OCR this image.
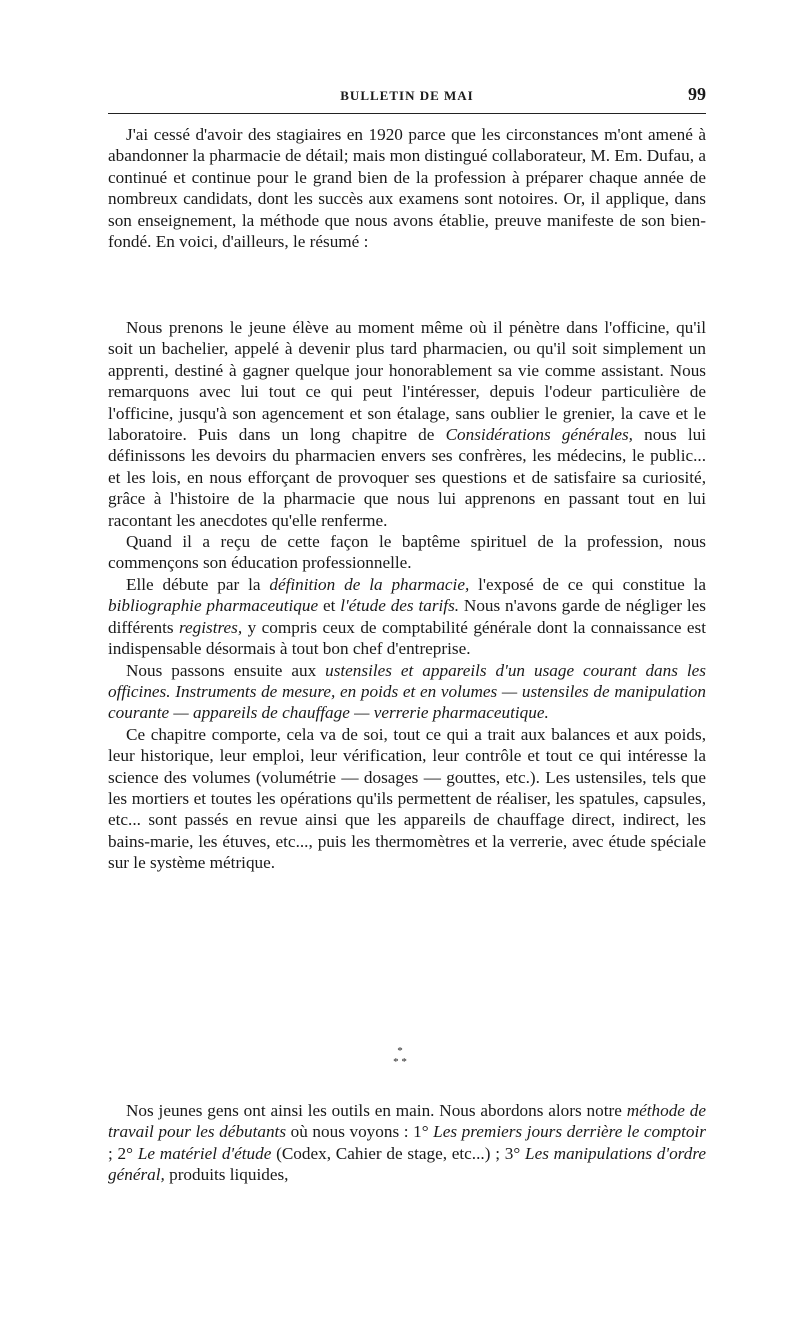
BULLETIN DE MAI	99

J'ai cessé d'avoir des stagiaires en 1920 parce que les circonstances m'ont amené à abandonner la pharmacie de détail; mais mon distingué collaborateur, M. Em. Dufau, a continué et continue pour le grand bien de la profession à préparer chaque année de nombreux candidats, dont les succès aux examens sont notoires. Or, il applique, dans son enseignement, la méthode que nous avons établie, preuve manifeste de son bien-fondé. En voici, d'ailleurs, le résumé :

Nous prenons le jeune élève au moment même où il pénètre dans l'officine, qu'il soit un bachelier, appelé à devenir plus tard pharmacien, ou qu'il soit simplement un apprenti, destiné à gagner quelque jour honorablement sa vie comme assistant. Nous remarquons avec lui tout ce qui peut l'intéresser, depuis l'odeur particulière de l'officine, jusqu'à son agencement et son étalage, sans oublier le grenier, la cave et le laboratoire. Puis dans un long chapitre de Considérations générales, nous lui définissons les devoirs du pharmacien envers ses confrères, les médecins, le public... et les lois, en nous efforçant de provoquer ses questions et de satisfaire sa curiosité, grâce à l'histoire de la pharmacie que nous lui apprenons en passant tout en lui racontant les anecdotes qu'elle renferme.

Quand il a reçu de cette façon le baptême spirituel de la profession, nous commençons son éducation professionnelle.

Elle débute par la définition de la pharmacie, l'exposé de ce qui constitue la bibliographie pharmaceutique et l'étude des tarifs. Nous n'avons garde de négliger les différents registres, y compris ceux de comptabilité générale dont la connaissance est indispensable désormais à tout bon chef d'entreprise.

Nous passons ensuite aux ustensiles et appareils d'un usage courant dans les officines. Instruments de mesure, en poids et en volumes — ustensiles de manipulation courante — appareils de chauffage — verrerie pharmaceutique.

Ce chapitre comporte, cela va de soi, tout ce qui a trait aux balances et aux poids, leur historique, leur emploi, leur vérification, leur contrôle et tout ce qui intéresse la science des volumes (volumétrie — dosages — gouttes, etc.). Les ustensiles, tels que les mortiers et toutes les opérations qu'ils permettent de réaliser, les spatules, capsules, etc... sont passés en revue ainsi que les appareils de chauffage direct, indirect, les bains-marie, les étuves, etc..., puis les thermomètres et la verrerie, avec étude spéciale sur le système métrique.

*
* *

Nos jeunes gens ont ainsi les outils en main. Nous abordons alors notre méthode de travail pour les débutants où nous voyons : 1° Les premiers jours derrière le comptoir ; 2° Le matériel d'étude (Codex, Cahier de stage, etc...) ; 3° Les manipulations d'ordre général, produits liquides,
